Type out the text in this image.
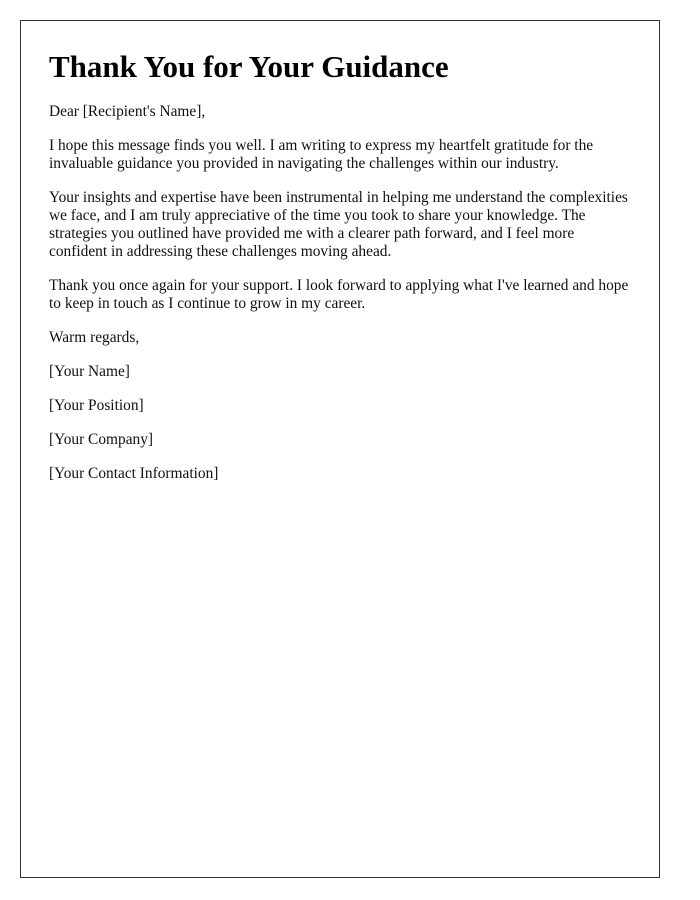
Thank You for Your Guidance

Dear [Recipient's Name],

I hope this message finds you well. I am writing to express my heartfelt gratitude for the invaluable guidance you provided in navigating the challenges within our industry.

Your insights and expertise have been instrumental in helping me understand the complexities we face, and I am truly appreciative of the time you took to share your knowledge. The strategies you outlined have provided me with a clearer path forward, and I feel more confident in addressing these challenges moving ahead.

Thank you once again for your support. I look forward to applying what I've learned and hope to keep in touch as I continue to grow in my career.

Warm regards,

[Your Name]

[Your Position]

[Your Company]

[Your Contact Information]
